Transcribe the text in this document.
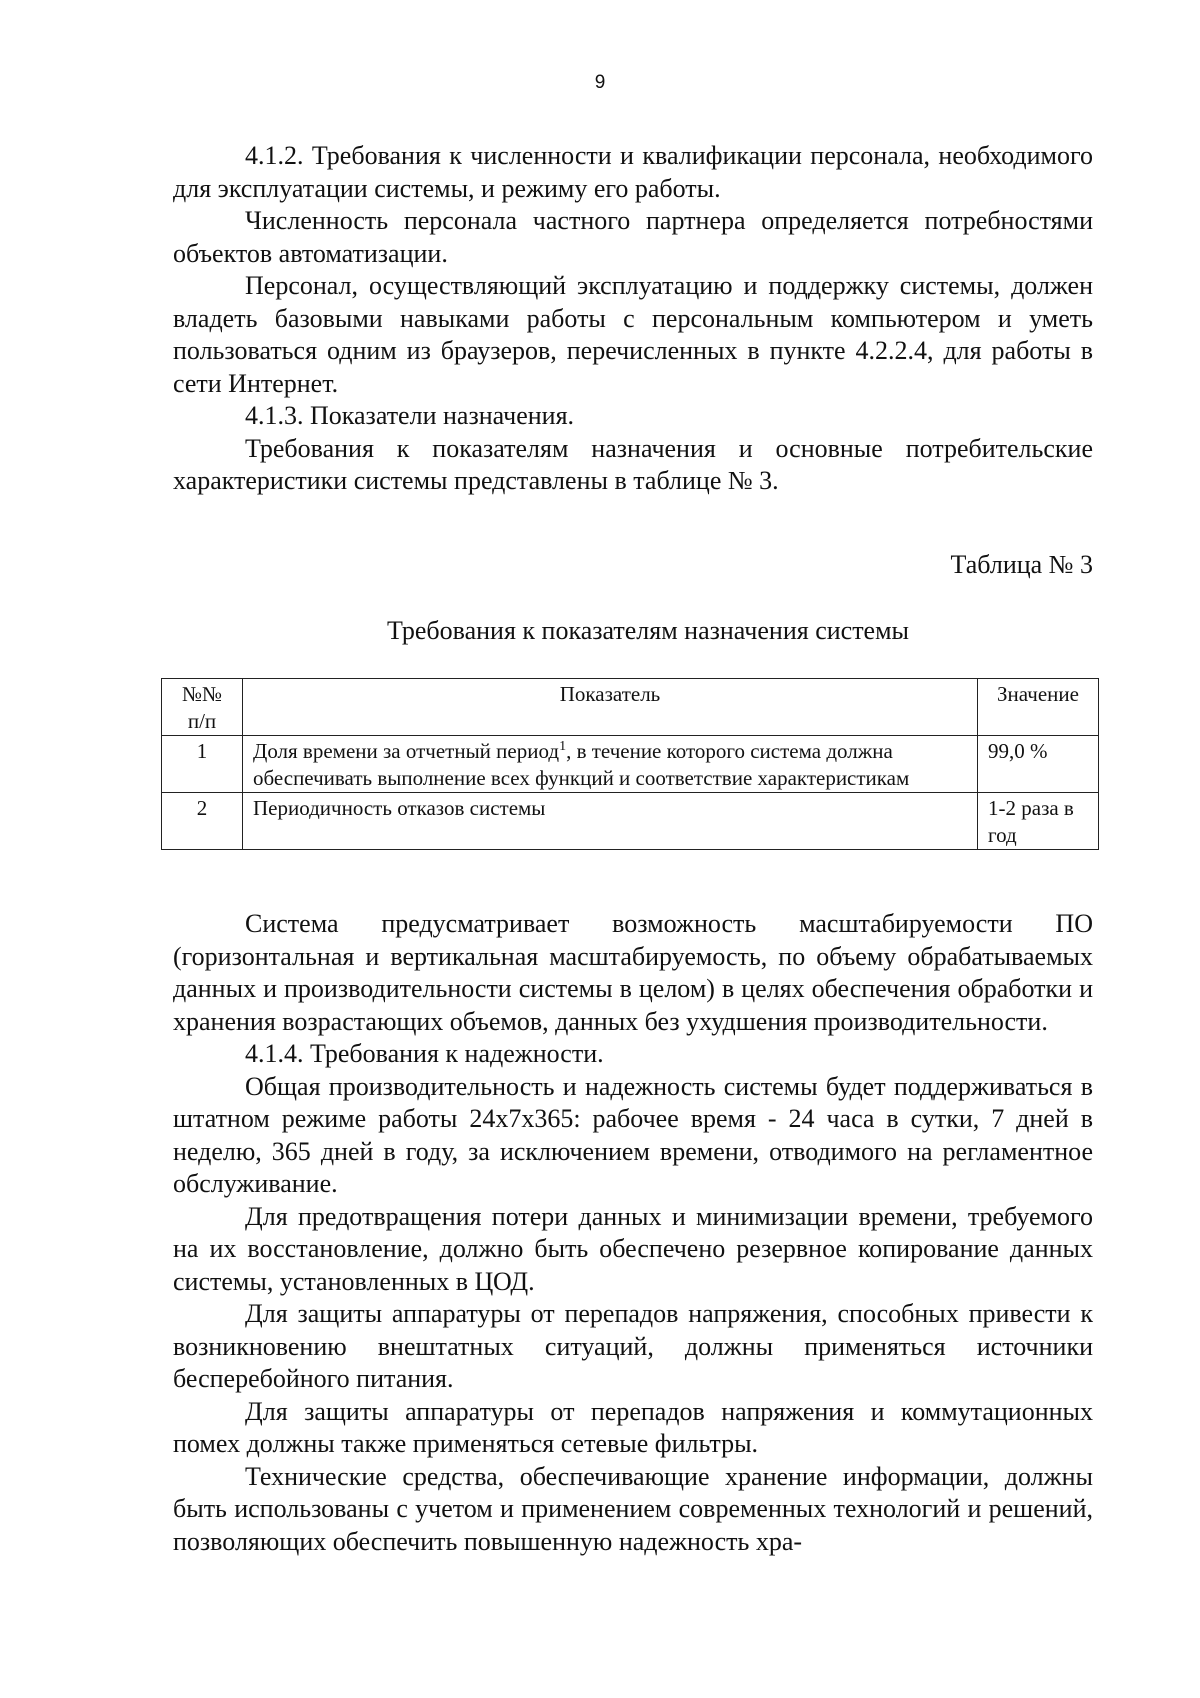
9

4.1.2. Требования к численности и квалификации персонала, необходимого для эксплуатации системы, и режиму его работы.

Численность персонала частного партнера определяется потребностями объектов автоматизации.

Персонал, осуществляющий эксплуатацию и поддержку системы, должен владеть базовыми навыками работы с персональным компьютером и уметь пользоваться одним из браузеров, перечисленных в пункте 4.2.2.4, для работы в сети Интернет.

4.1.3. Показатели назначения.

Требования к показателям назначения и основные потребительские характеристики системы представлены в таблице № 3.

Таблица № 3
Требования к показателям назначения системы
№№ п/п	Показатель	Значение
1	Доля времени за отчетный период$^1$, в течение которого система должна обеспечивать выполнение всех функций и соответствие характеристикам	99,0 %
2	Периодичность отказов системы	1-2 раза в год

Система предусматривает возможность масштабируемости ПО (горизонтальная и вертикальная масштабируемость, по объему обрабатываемых данных и производительности системы в целом) в целях обеспечения обработки и хранения возрастающих объемов, данных без ухудшения производительности.

4.1.4. Требования к надежности.

Общая производительность и надежность системы будет поддерживаться в штатном режиме работы 24х7х365: рабочее время - 24 часа в сутки, 7 дней в неделю, 365 дней в году, за исключением времени, отводимого на регламентное обслуживание.

Для предотвращения потери данных и минимизации времени, требуемого на их восстановление, должно быть обеспечено резервное копирование данных системы, установленных в ЦОД.

Для защиты аппаратуры от перепадов напряжения, способных привести к возникновению внештатных ситуаций, должны применяться источники бесперебойного питания.

Для защиты аппаратуры от перепадов напряжения и коммутационных помех должны также применяться сетевые фильтры.

Технические средства, обеспечивающие хранение информации, должны быть использованы с учетом и применением современных технологий и решений, позволяющих обеспечить повышенную надежность хра-
